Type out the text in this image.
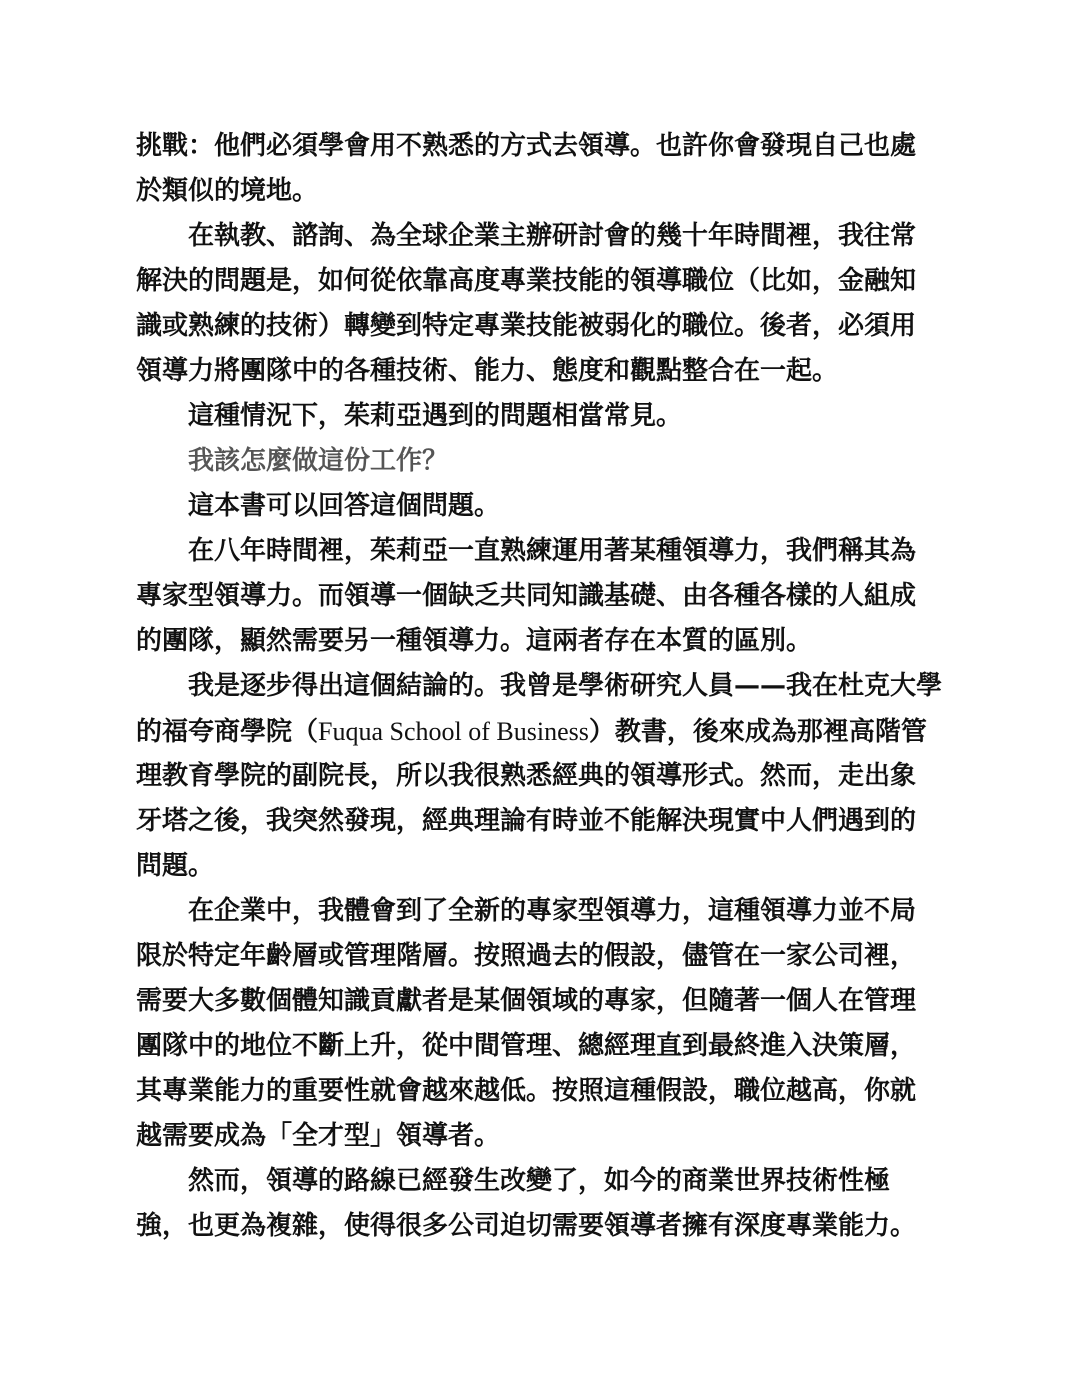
挑戰：他們必須學會用不熟悉的方式去領導。也許你會發現自己也處
於類似的境地。
在執教、諮詢、為全球企業主辦研討會的幾十年時間裡，我往常
解決的問題是，如何從依靠高度專業技能的領導職位（比如，金融知
識或熟練的技術）轉變到特定專業技能被弱化的職位。後者，必須用
領導力將團隊中的各種技術、能力、態度和觀點整合在一起。
這種情況下，茱莉亞遇到的問題相當常見。
我該怎麼做這份工作？
這本書可以回答這個問題。
在八年時間裡，茱莉亞一直熟練運用著某種領導力，我們稱其為
專家型領導力。而領導一個缺乏共同知識基礎、由各種各樣的人組成
的團隊，顯然需要另一種領導力。這兩者存在本質的區別。
我是逐步得出這個結論的。我曾是學術研究人員——我在杜克大學
的福夸商學院（Fuqua School of Business）教書，後來成為那裡高階管
理教育學院的副院長，所以我很熟悉經典的領導形式。然而，走出象
牙塔之後，我突然發現，經典理論有時並不能解決現實中人們遇到的
問題。
在企業中，我體會到了全新的專家型領導力，這種領導力並不局
限於特定年齡層或管理階層。按照過去的假設，儘管在一家公司裡，
需要大多數個體知識貢獻者是某個領域的專家，但隨著一個人在管理
團隊中的地位不斷上升，從中間管理、總經理直到最終進入決策層，
其專業能力的重要性就會越來越低。按照這種假設，職位越高，你就
越需要成為「全才型」領導者。
然而，領導的路線已經發生改變了，如今的商業世界技術性極
強，也更為複雜，使得很多公司迫切需要領導者擁有深度專業能力。
